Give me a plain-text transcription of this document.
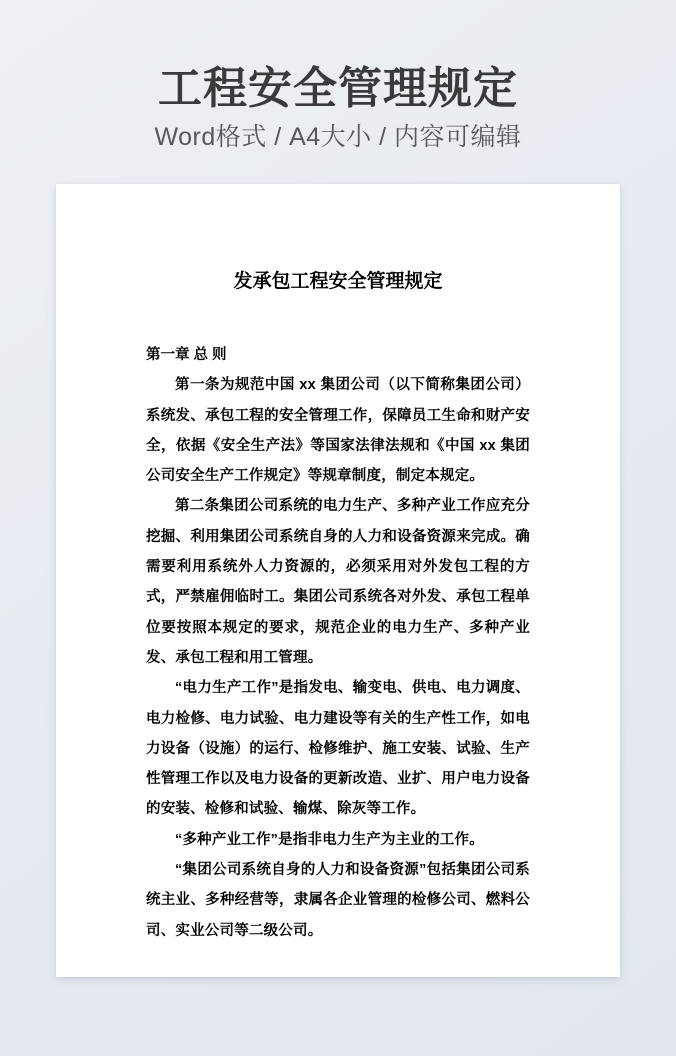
工程安全管理规定
Word格式 / A4大小 / 内容可编辑
发承包工程安全管理规定
第一章 总 则

第一条为规范中国 xx 集团公司（以下简称集团公司）系统发、承包工程的安全管理工作，保障员工生命和财产安全，依据《安全生产法》等国家法律法规和《中国 xx 集团公司安全生产工作规定》等规章制度，制定本规定。

第二条集团公司系统的电力生产、多种产业工作应充分挖掘、利用集团公司系统自身的人力和设备资源来完成。确需要利用系统外人力资源的，必须采用对外发包工程的方式，严禁雇佣临时工。集团公司系统各对外发、承包工程单位要按照本规定的要求，规范企业的电力生产、多种产业发、承包工程和用工管理。

“电力生产工作”是指发电、输变电、供电、电力调度、电力检修、电力试验、电力建设等有关的生产性工作，如电力设备（设施）的运行、检修维护、施工安装、试验、生产性管理工作以及电力设备的更新改造、业扩、用户电力设备的安装、检修和试验、输煤、除灰等工作。

“多种产业工作”是指非电力生产为主业的工作。

“集团公司系统自身的人力和设备资源”包括集团公司系统主业、多种经营等，隶属各企业管理的检修公司、燃料公司、实业公司等二级公司。
